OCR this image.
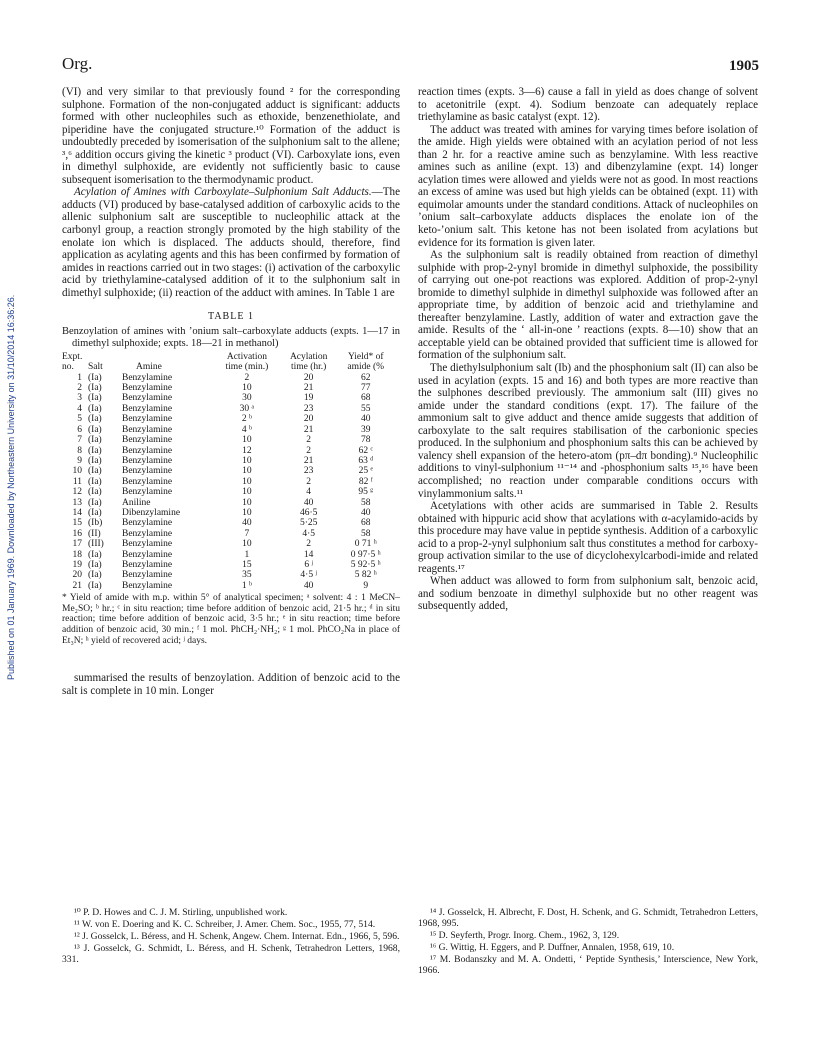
Org.	1905
Published on 01 January 1969. Downloaded by Northeastern University on 31/10/2014 16:36:26.

(VI) and very similar to that previously found ² for the corresponding sulphone. Formation of the non-conjugated adduct is significant: adducts formed with other nucleophiles such as ethoxide, benzenethiolate, and piperidine have the conjugated structure.¹⁰ Formation of the adduct is undoubtedly preceded by isomerisation of the sulphonium salt to the allene; ³,⁶ addition occurs giving the kinetic ³ product (VI). Carboxylate ions, even in dimethyl sulphoxide, are evidently not sufficiently basic to cause subsequent isomerisation to the thermodynamic product.

Acylation of Amines with Carboxylate–Sulphonium Salt Adducts.—The adducts (VI) produced by base-catalysed addition of carboxylic acids to the allenic sulphonium salt are susceptible to nucleophilic attack at the carbonyl group, a reaction strongly promoted by the high stability of the enolate ion which is displaced. The adducts should, therefore, find application as acylating agents and this has been confirmed by formation of amides in reactions carried out in two stages: (i) activation of the carboxylic acid by triethylamine-catalysed addition of it to the sulphonium salt in dimethyl sulphoxide; (ii) reaction of the adduct with amines. In Table 1 are

TABLE 1
Benzoylation of amines with ’onium salt–carboxylate adducts (expts. 1—17 in dimethyl sulphoxide; expts. 18—21 in methanol)
Expt.
no.	Salt	Amine	Activation
time (min.)	Acylation
time (hr.)	Yield* of
amide (%
1	(Ia)	Benzylamine	2	20	62
2	(Ia)	Benzylamine	10	21	77
3	(Ia)	Benzylamine	30	19	68
4	(Ia)	Benzylamine	30 ᵃ	23	55
5	(Ia)	Benzylamine	2 ᵇ	20	40
6	(Ia)	Benzylamine	4 ᵇ	21	39
7	(Ia)	Benzylamine	10	2	78
8	(Ia)	Benzylamine	12	2	62 ᶜ
9	(Ia)	Benzylamine	10	21	63 ᵈ
10	(Ia)	Benzylamine	10	23	25 ᵉ
11	(Ia)	Benzylamine	10	2	82 ᶠ
12	(Ia)	Benzylamine	10	4	95 ᵍ
13	(Ia)	Aniline	10	40	58
14	(Ia)	Dibenzylamine	10	46·5	40
15	(Ib)	Benzylamine	40	5·25	68
16	(II)	Benzylamine	7	4·5	58
17	(III)	Benzylamine	10	2	0 71 ʰ
18	(Ia)	Benzylamine	1	14	0 97·5 ʰ
19	(Ia)	Benzylamine	15	6 ʲ	5 92·5 ʰ
20	(Ia)	Benzylamine	35	4·5 ʲ	5 82 ʰ
21	(Ia)	Benzylamine	1 ᵇ	40	9
* Yield of amide with m.p. within 5° of analytical specimen; ᵃ solvent: 4 : 1 MeCN–Me₂SO; ᵇ hr.; ᶜ in situ reaction; time before addition of benzoic acid, 21·5 hr.; ᵈ in situ reaction; time before addition of benzoic acid, 3·5 hr.; ᵉ in situ reaction; time before addition of benzoic acid, 30 min.; ᶠ 1 mol. PhCH₂·NH₂; ᵍ 1 mol. PhCO₂Na in place of Et₃N; ʰ yield of recovered acid; ʲ days.

summarised the results of benzoylation. Addition of benzoic acid to the salt is complete in 10 min. Longer

reaction times (expts. 3—6) cause a fall in yield as does change of solvent to acetonitrile (expt. 4). Sodium benzoate can adequately replace triethylamine as basic catalyst (expt. 12).

The adduct was treated with amines for varying times before isolation of the amide. High yields were obtained with an acylation period of not less than 2 hr. for a reactive amine such as benzylamine. With less reactive amines such as aniline (expt. 13) and dibenzylamine (expt. 14) longer acylation times were allowed and yields were not as good. In most reactions an excess of amine was used but high yields can be obtained (expt. 11) with equimolar amounts under the standard conditions. Attack of nucleophiles on ’onium salt–carboxylate adducts displaces the enolate ion of the keto-’onium salt. This ketone has not been isolated from acylations but evidence for its formation is given later.

As the sulphonium salt is readily obtained from reaction of dimethyl sulphide with prop-2-ynyl bromide in dimethyl sulphoxide, the possibility of carrying out one-pot reactions was explored. Addition of prop-2-ynyl bromide to dimethyl sulphide in dimethyl sulphoxide was followed after an appropriate time, by addition of benzoic acid and triethylamine and thereafter benzylamine. Lastly, addition of water and extraction gave the amide. Results of the ‘ all-in-one ’ reactions (expts. 8—10) show that an acceptable yield can be obtained provided that sufficient time is allowed for formation of the sulphonium salt.

The diethylsulphonium salt (Ib) and the phosphonium salt (II) can also be used in acylation (expts. 15 and 16) and both types are more reactive than the sulphones described previously. The ammonium salt (III) gives no amide under the standard conditions (expt. 17). The failure of the ammonium salt to give adduct and thence amide suggests that addition of carboxylate to the salt requires stabilisation of the carbonionic species produced. In the sulphonium and phosphonium salts this can be achieved by valency shell expansion of the hetero-atom (pπ–dπ bonding).⁹ Nucleophilic additions to vinyl-sulphonium ¹¹⁻¹⁴ and -phosphonium salts ¹⁵,¹⁶ have been accomplished; no reaction under comparable conditions occurs with vinylammonium salts.¹¹

Acetylations with other acids are summarised in Table 2. Results obtained with hippuric acid show that acylations with α-acylamido-acids by this procedure may have value in peptide synthesis. Addition of a carboxylic acid to a prop-2-ynyl sulphonium salt thus constitutes a method for carboxy-group activation similar to the use of dicyclohexylcarbodi-imide and related reagents.¹⁷

When adduct was allowed to form from sulphonium salt, benzoic acid, and sodium benzoate in dimethyl sulphoxide but no other reagent was subsequently added,

¹⁰ P. D. Howes and C. J. M. Stirling, unpublished work.

¹¹ W. von E. Doering and K. C. Schreiber, J. Amer. Chem. Soc., 1955, 77, 514.

¹² J. Gosselck, L. Béress, and H. Schenk, Angew. Chem. Internat. Edn., 1966, 5, 596.

¹³ J. Gosselck, G. Schmidt, L. Béress, and H. Schenk, Tetrahedron Letters, 1968, 331.

¹⁴ J. Gosselck, H. Albrecht, F. Dost, H. Schenk, and G. Schmidt, Tetrahedron Letters, 1968, 995.

¹⁵ D. Seyferth, Progr. Inorg. Chem., 1962, 3, 129.

¹⁶ G. Wittig, H. Eggers, and P. Duffner, Annalen, 1958, 619, 10.

¹⁷ M. Bodanszky and M. A. Ondetti, ‘ Peptide Synthesis,’ Interscience, New York, 1966.
